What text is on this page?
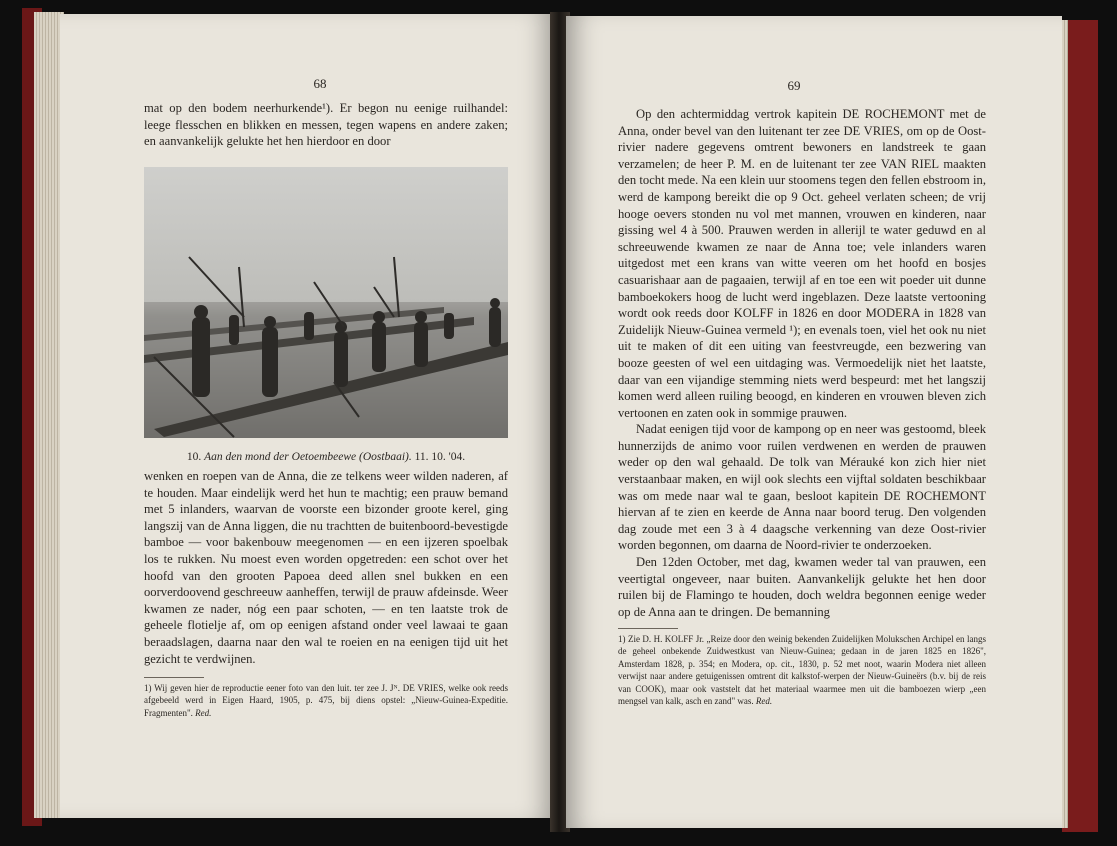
68

mat op den bodem neerhurkende¹). Er begon nu eenige ruilhandel: leege flesschen en blikken en messen, tegen wapens en andere zaken; en aanvankelijk gelukte het hen hierdoor en door

10. Aan den mond der Oetoembeewe (Oostbaai). 11. 10. '04.

wenken en roepen van de Anna, die ze telkens weer wilden naderen, af te houden. Maar eindelijk werd het hun te machtig; een prauw bemand met 5 inlanders, waarvan de voorste een bizonder groote kerel, ging langszij van de Anna liggen, die nu trachtten de buitenboord-bevestigde bamboe — voor bakenbouw meegenomen — en een ijzeren spoelbak los te rukken. Nu moest even worden opgetreden: een schot over het hoofd van den grooten Papoea deed allen snel bukken en een oorverdoovend geschreeuw aanheffen, terwijl de prauw afdeinsde. Weer kwamen ze nader, nóg een paar schoten, — en ten laatste trok de geheele flotielje af, om op eenigen afstand onder veel lawaai te gaan beraadslagen, daarna naar den wal te roeien en na eenigen tijd uit het gezicht te verdwijnen.

1) Wij geven hier de reproductie eener foto van den luit. ter zee J. Jᴺ. DE VRIES, welke ook reeds afgebeeld werd in Eigen Haard, 1905, p. 475, bij diens opstel: „Nieuw-Guinea-Expeditie. Fragmenten". Red.
69

Op den achtermiddag vertrok kapitein DE ROCHEMONT met de Anna, onder bevel van den luitenant ter zee DE VRIES, om op de Oost-rivier nadere gegevens omtrent bewoners en landstreek te gaan verzamelen; de heer P. M. en de luitenant ter zee VAN RIEL maakten den tocht mede. Na een klein uur stoomens tegen den fellen ebstroom in, werd de kampong bereikt die op 9 Oct. geheel verlaten scheen; de vrij hooge oevers stonden nu vol met mannen, vrouwen en kinderen, naar gissing wel 4 à 500. Prauwen werden in allerijl te water geduwd en al schreeuwende kwamen ze naar de Anna toe; vele inlanders waren uitgedost met een krans van witte veeren om het hoofd en bosjes casuarishaar aan de pagaaien, terwijl af en toe een wit poeder uit dunne bamboekokers hoog de lucht werd ingeblazen. Deze laatste vertooning wordt ook reeds door KOLFF in 1826 en door MODERA in 1828 van Zuidelijk Nieuw-Guinea vermeld ¹); en evenals toen, viel het ook nu niet uit te maken of dit een uiting van feestvreugde, een bezwering van booze geesten of wel een uitdaging was. Vermoedelijk niet het laatste, daar van een vijandige stemming niets werd bespeurd: met het langszij komen werd alleen ruiling beoogd, en kinderen en vrouwen bleven zich vertoonen en zaten ook in sommige prauwen.

Nadat eenigen tijd voor de kampong op en neer was gestoomd, bleek hunnerzijds de animo voor ruilen verdwenen en werden de prauwen weder op den wal gehaald. De tolk van Mérauké kon zich hier niet verstaanbaar maken, en wijl ook slechts een vijftal soldaten beschikbaar was om mede naar wal te gaan, besloot kapitein DE ROCHEMONT hiervan af te zien en keerde de Anna naar boord terug. Den volgenden dag zoude met een 3 à 4 daagsche verkenning van deze Oost-rivier worden begonnen, om daarna de Noord-rivier te onderzoeken.

Den 12den October, met dag, kwamen weder tal van prauwen, een veertigtal ongeveer, naar buiten. Aanvankelijk gelukte het hen door ruilen bij de Flamingo te houden, doch weldra begonnen eenige weder op de Anna aan te dringen. De bemanning

1) Zie D. H. KOLFF Jr. „Reize door den weinig bekenden Zuidelijken Molukschen Archipel en langs de geheel onbekende Zuidwestkust van Nieuw-Guinea; gedaan in de jaren 1825 en 1826", Amsterdam 1828, p. 354; en Modera, op. cit., 1830, p. 52 met noot, waarin Modera niet alleen verwijst naar andere getuigenissen omtrent dit kalkstof-werpen der Nieuw-Guineërs (b.v. bij de reis van COOK), maar ook vaststelt dat het materiaal waarmee men uit die bamboezen wierp „een mengsel van kalk, asch en zand" was. Red.
